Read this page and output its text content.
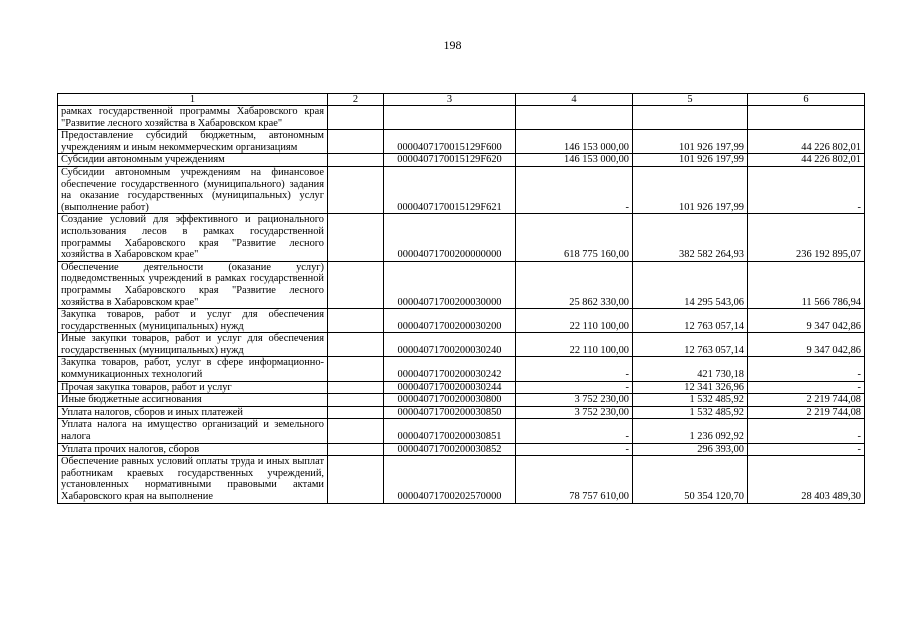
198
1	2	3	4	5	6
рамках государственной программы Хабаровского края "Развитие лесного хозяйства в Хабаровском крае"					
Предоставление субсидий бюджетным, автономным учреждениям и иным некоммерческим организациям		0000407170015129F600	146 153 000,00	101 926 197,99	44 226 802,01
Субсидии автономным учреждениям		0000407170015129F620	146 153 000,00	101 926 197,99	44 226 802,01
Субсидии автономным учреждениям на финансовое обеспечение государственного (муниципального) задания на оказание государственных (муниципальных) услуг (выполнение работ)		0000407170015129F621	-	101 926 197,99	-
Создание условий для эффективного и рационального использования лесов в рамках государственной программы Хабаровского края "Развитие лесного хозяйства в Хабаровском крае"		00004071700200000000	618 775 160,00	382 582 264,93	236 192 895,07
Обеспечение деятельности (оказание услуг) подведомственных учреждений в рамках государственной программы Хабаровского края "Развитие лесного хозяйства в Хабаровском крае"		00004071700200030000	25 862 330,00	14 295 543,06	11 566 786,94
Закупка товаров, работ и услуг для обеспечения государственных (муниципальных) нужд		00004071700200030200	22 110 100,00	12 763 057,14	9 347 042,86
Иные закупки товаров, работ и услуг для обеспечения государственных (муниципальных) нужд		00004071700200030240	22 110 100,00	12 763 057,14	9 347 042,86
Закупка товаров, работ, услуг в сфере информационно-коммуникационных технологий		00004071700200030242	-	421 730,18	-
Прочая закупка товаров, работ и услуг		00004071700200030244	-	12 341 326,96	-
Иные бюджетные ассигнования		00004071700200030800	3 752 230,00	1 532 485,92	2 219 744,08
Уплата налогов, сборов и иных платежей		00004071700200030850	3 752 230,00	1 532 485,92	2 219 744,08
Уплата налога на имущество организаций и земельного налога		00004071700200030851	-	1 236 092,92	-
Уплата прочих налогов, сборов		00004071700200030852	-	296 393,00	-
Обеспечение равных условий оплаты труда и иных выплат работникам краевых государственных учреждений, установленных нормативными правовыми актами Хабаровского края на выполнение		00004071700202570000	78 757 610,00	50 354 120,70	28 403 489,30
